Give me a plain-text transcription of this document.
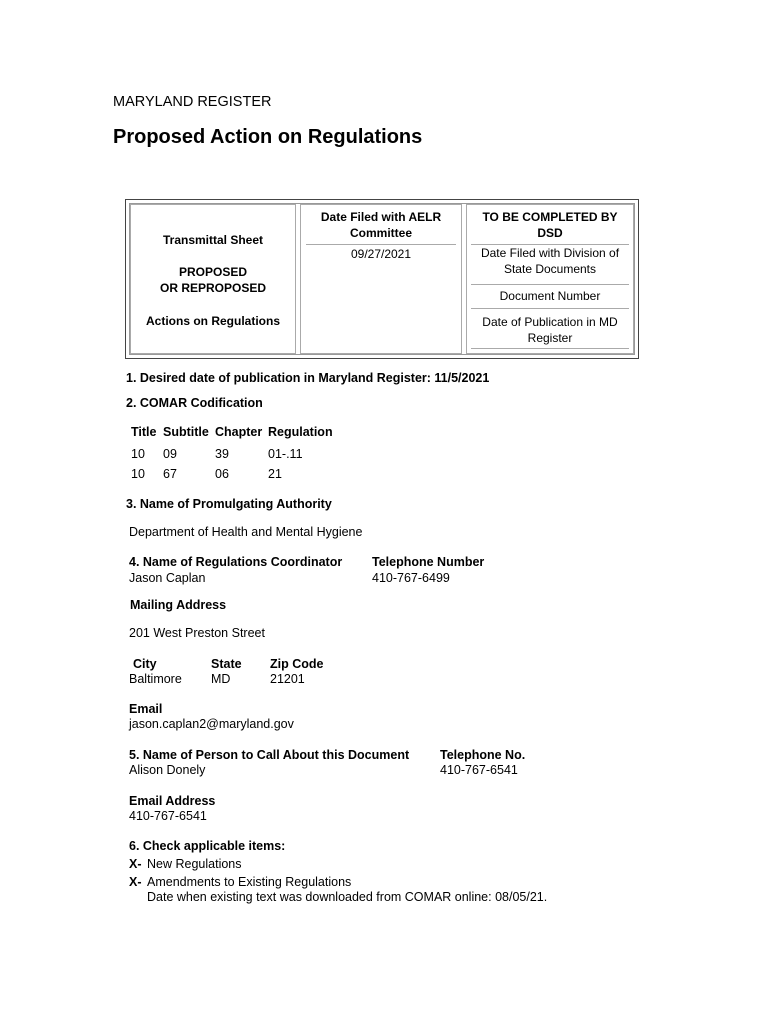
MARYLAND REGISTER
Proposed Action on Regulations
Transmittal Sheet
PROPOSED
OR REPROPOSED
Actions on Regulations
Date Filed with AELR
Committee
09/27/2021
TO BE COMPLETED BY
DSD
Date Filed with Division of
State Documents
Document Number
Date of Publication in MD
Register
1. Desired date of publication in Maryland Register: 11/5/2021
2. COMAR Codification
Title Subtitle Chapter Regulation
10 09	39	01-.11
10 67	06	21
3. Name of Promulgating Authority
Department of Health and Mental Hygiene
4. Name of Regulations Coordinator
Jason Caplan
Telephone Number
410-767-6499
Mailing Address
201 West Preston Street
City
Baltimore
State
MD
Zip Code
21201
Email
jason.caplan2@maryland.gov
5. Name of Person to Call About this Document
Alison Donely
Telephone No.
410-767-6541
Email Address
410-767-6541
6. Check applicable items:
X- New Regulations
X- Amendments to Existing Regulations
Date when existing text was downloaded from COMAR online: 08/05/21.
